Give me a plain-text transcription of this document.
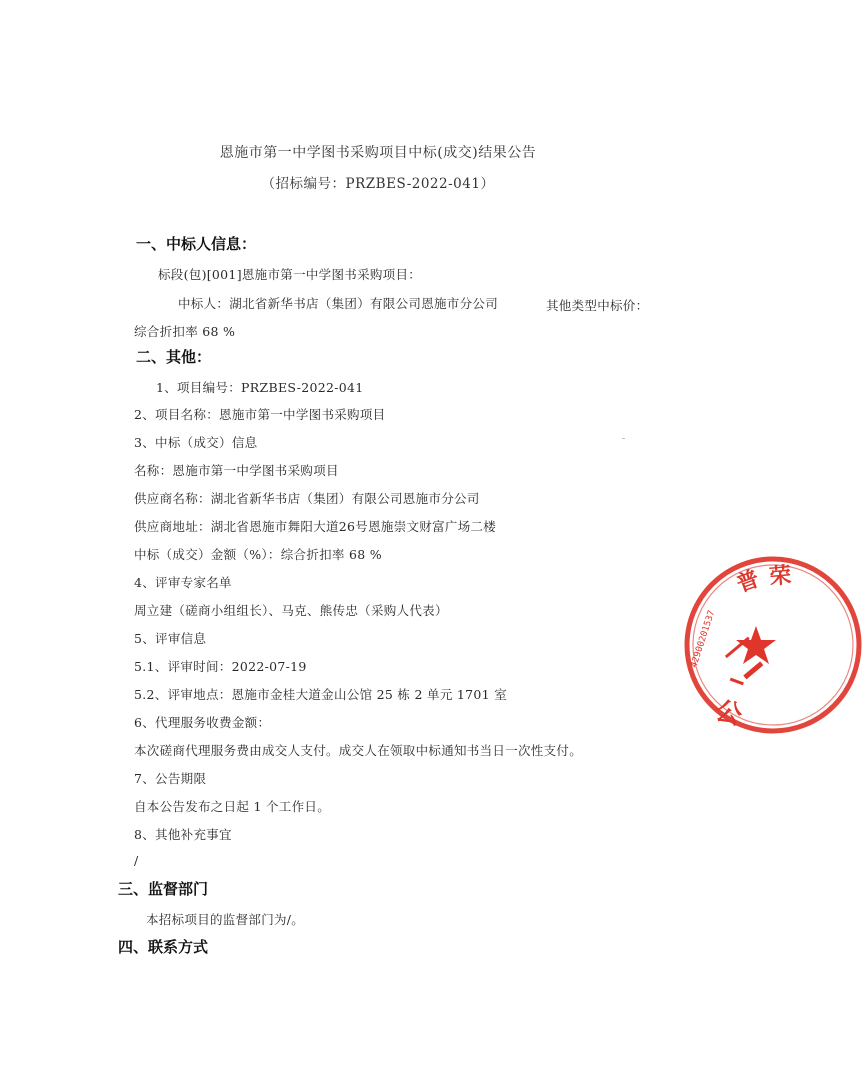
恩施市第一中学图书采购项目中标(成交)结果公告
（招标编号：PRZBES-2022-041）
一、中标人信息：
标段(包)[001]恩施市第一中学图书采购项目：
中标人：湖北省新华书店（集团）有限公司恩施市分公司	其他类型中标价：
综合折扣率 68 %
二、其他：
1、项目编号：PRZBES-2022-041
2、项目名称：恩施市第一中学图书采购项目
3、中标（成交）信息
名称：恩施市第一中学图书采购项目
供应商名称：湖北省新华书店（集团）有限公司恩施市分公司
供应商地址：湖北省恩施市舞阳大道26号恩施崇文财富广场二楼
中标（成交）金额（%）：综合折扣率 68 %
4、评审专家名单
周立建（磋商小组组长）、马克、熊传忠（采购人代表）
5、评审信息
5.1、评审时间：2022-07-19
5.2、评审地点：恩施市金桂大道金山公馆 25 栋 2 单元 1701 室
6、代理服务收费金额：
本次磋商代理服务费由成交人支付。成交人在领取中标通知书当日一次性支付。
7、公告期限
自本公告发布之日起 1 个工作日。
8、其他补充事宜
/
三、监督部门
本招标项目的监督部门为/。
四、联系方式
普 荣
公
42900201537
